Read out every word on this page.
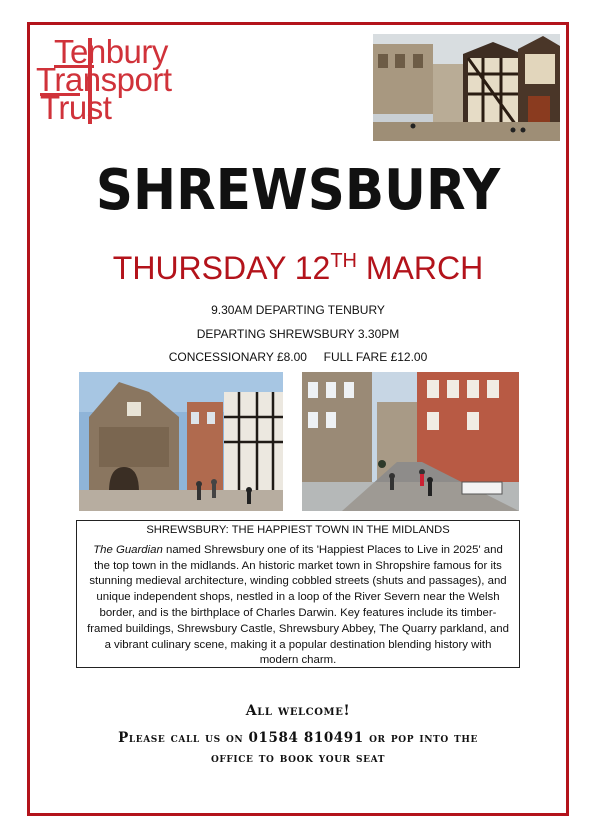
Tenbury
Transport
Trust
SHREWSBURY
THURSDAY 12TH MARCH
9.30AM DEPARTING TENBURY
DEPARTING SHREWSBURY 3.30PM
CONCESSIONARY £8.00 FULL FARE £12.00
SHREWSBURY: THE HAPPIEST TOWN IN THE MIDLANDS
The Guardian named Shrewsbury one of its 'Happiest Places to Live in 2025' and the top town in the midlands. An historic market town in Shropshire famous for its stunning medieval architecture, winding cobbled streets (shuts and passages), and unique independent shops, nestled in a loop of the River Severn near the Welsh border, and is the birthplace of Charles Darwin. Key features include its timber-framed buildings, Shrewsbury Castle, Shrewsbury Abbey, The Quarry parkland, and a vibrant culinary scene, making it a popular destination blending history with modern charm.
All welcome!
Please call us on 01584 810491 or pop into the
office to book your seat
